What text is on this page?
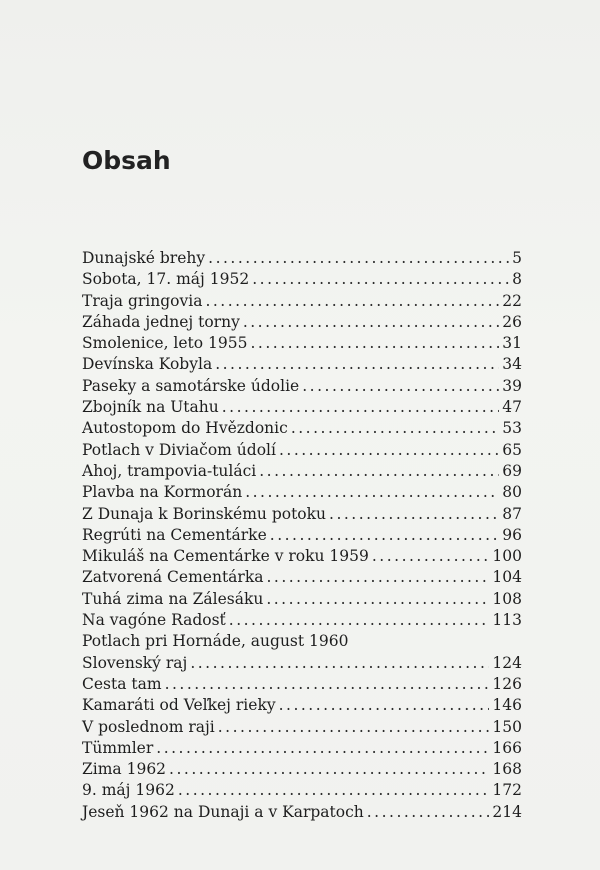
Obsah
Dunajské brehy .....	5
Sobota, 17. máj 1952 .....	8
Traja gringovia .....	22
Záhada jednej torny .....	26
Smolenice, leto 1955 .....	31
Devínska Kobyla .....	34
Paseky a samotárske údolie .....	39
Zbojník na Utahu .....	47
Autostopom do Hvězdonic .....	53
Potlach v Diviačom údolí .....	65
Ahoj, trampovia-tuláci .....	69
Plavba na Kormorán .....	80
Z Dunaja k Borinskému potoku .....	87
Regrúti na Cementárke .....	96
Mikuláš na Cementárke v roku 1959 .....	100
Zatvorená Cementárka .....	104
Tuhá zima na Zálesáku .....	108
Na vagóne Radosť .....	113
Potlach pri Hornáde, august 1960
Slovenský raj .....	124
Cesta tam .....	126
Kamaráti od Veľkej rieky .....	146
V poslednom raji .....	150
Tümmler .....	166
Zima 1962 .....	168
9. máj 1962 .....	172
Jeseň 1962 na Dunaji a v Karpatoch .....	214
